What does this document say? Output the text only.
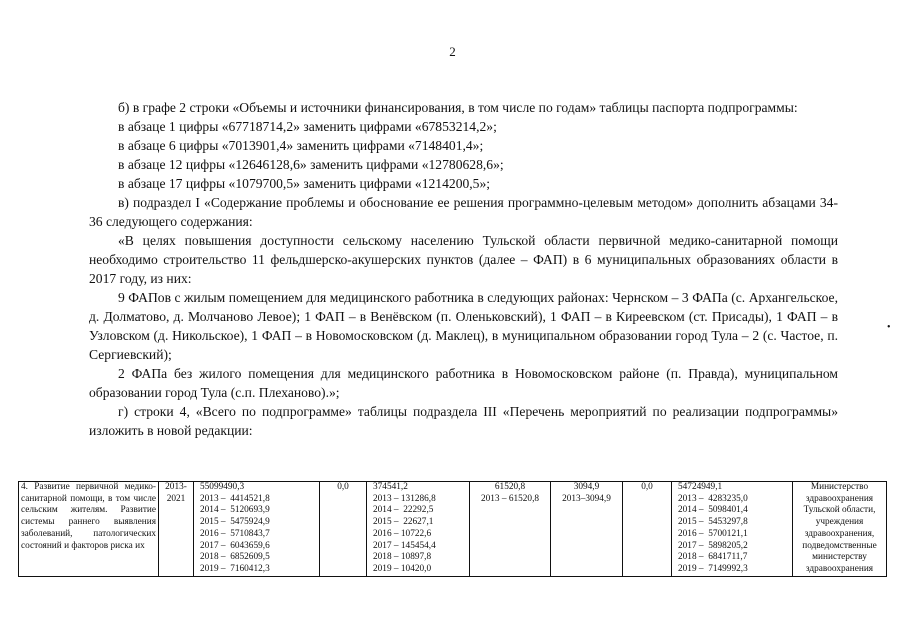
2

б) в графе 2 строки «Объемы и источники финансирования, в том числе по годам» таблицы паспорта подпрограммы:

в абзаце 1 цифры «67718714,2» заменить цифрами «67853214,2»;

в абзаце 6 цифры «7013901,4» заменить цифрами «7148401,4»;

в абзаце 12 цифры «12646128,6» заменить цифрами «12780628,6»;

в абзаце 17 цифры «1079700,5» заменить цифрами «1214200,5»;

в) подраздел I «Содержание проблемы и обоснование ее решения программно-целевым методом» дополнить абзацами 34-36 следующего содержания:

«В целях повышения доступности сельскому населению Тульской области первичной медико-санитарной помощи необходимо строительство 11 фельдшерско-акушерских пунктов (далее – ФАП) в 6 муниципальных образованиях области в 2017 году, из них:

9 ФАПов с жилым помещением для медицинского работника в следующих районах: Чернском – 3 ФАПа (с. Архангельское, д. Долматово, д. Молчаново Левое); 1 ФАП – в Венёвском (п. Оленьковский), 1 ФАП – в Киреевском (ст. Присады), 1 ФАП – в Узловском (д. Никольское), 1 ФАП – в Новомосковском (д. Маклец), в муниципальном образовании город Тула – 2 (с. Частое, п. Сергиевский);

2 ФАПа без жилого помещения для медицинского работника в Новомосковском районе (п. Правда), муниципальном образовании город Тула (с.п. Плеханово).»;

г) строки 4, «Всего по подпрограмме» таблицы подраздела III «Перечень мероприятий по реализации подпрограммы» изложить в новой редакции:

•
4. Развитие первичной медико-санитарной помощи, в том числе сельским жителям. Развитие системы раннего выявления заболеваний, патологических состояний и факторов риска их	2013-2021	55099490,3
2013 –  4414521,8
2014 –  5120693,9
2015 –  5475924,9
2016 –  5710843,7
2017 –  6043659,6
2018 –  6852609,5
2019 –  7160412,3	0,0	374541,2
2013 – 131286,8
2014 –  22292,5
2015 –  22627,1
2016 – 10722,6
2017 – 145454,4
2018 – 10897,8
2019 – 10420,0	61520,8
2013 – 61520,8	3094,9
2013–3094,9	0,0	54724949,1
2013 –  4283235,0
2014 –  5098401,4
2015 –  5453297,8
2016 –  5700121,1
2017 –  5898205,2
2018 –  6841711,7
2019 –  7149992,3	Министерство здравоохранения Тульской области, учреждения здравоохранения, подведомственные министерству здравоохранения
